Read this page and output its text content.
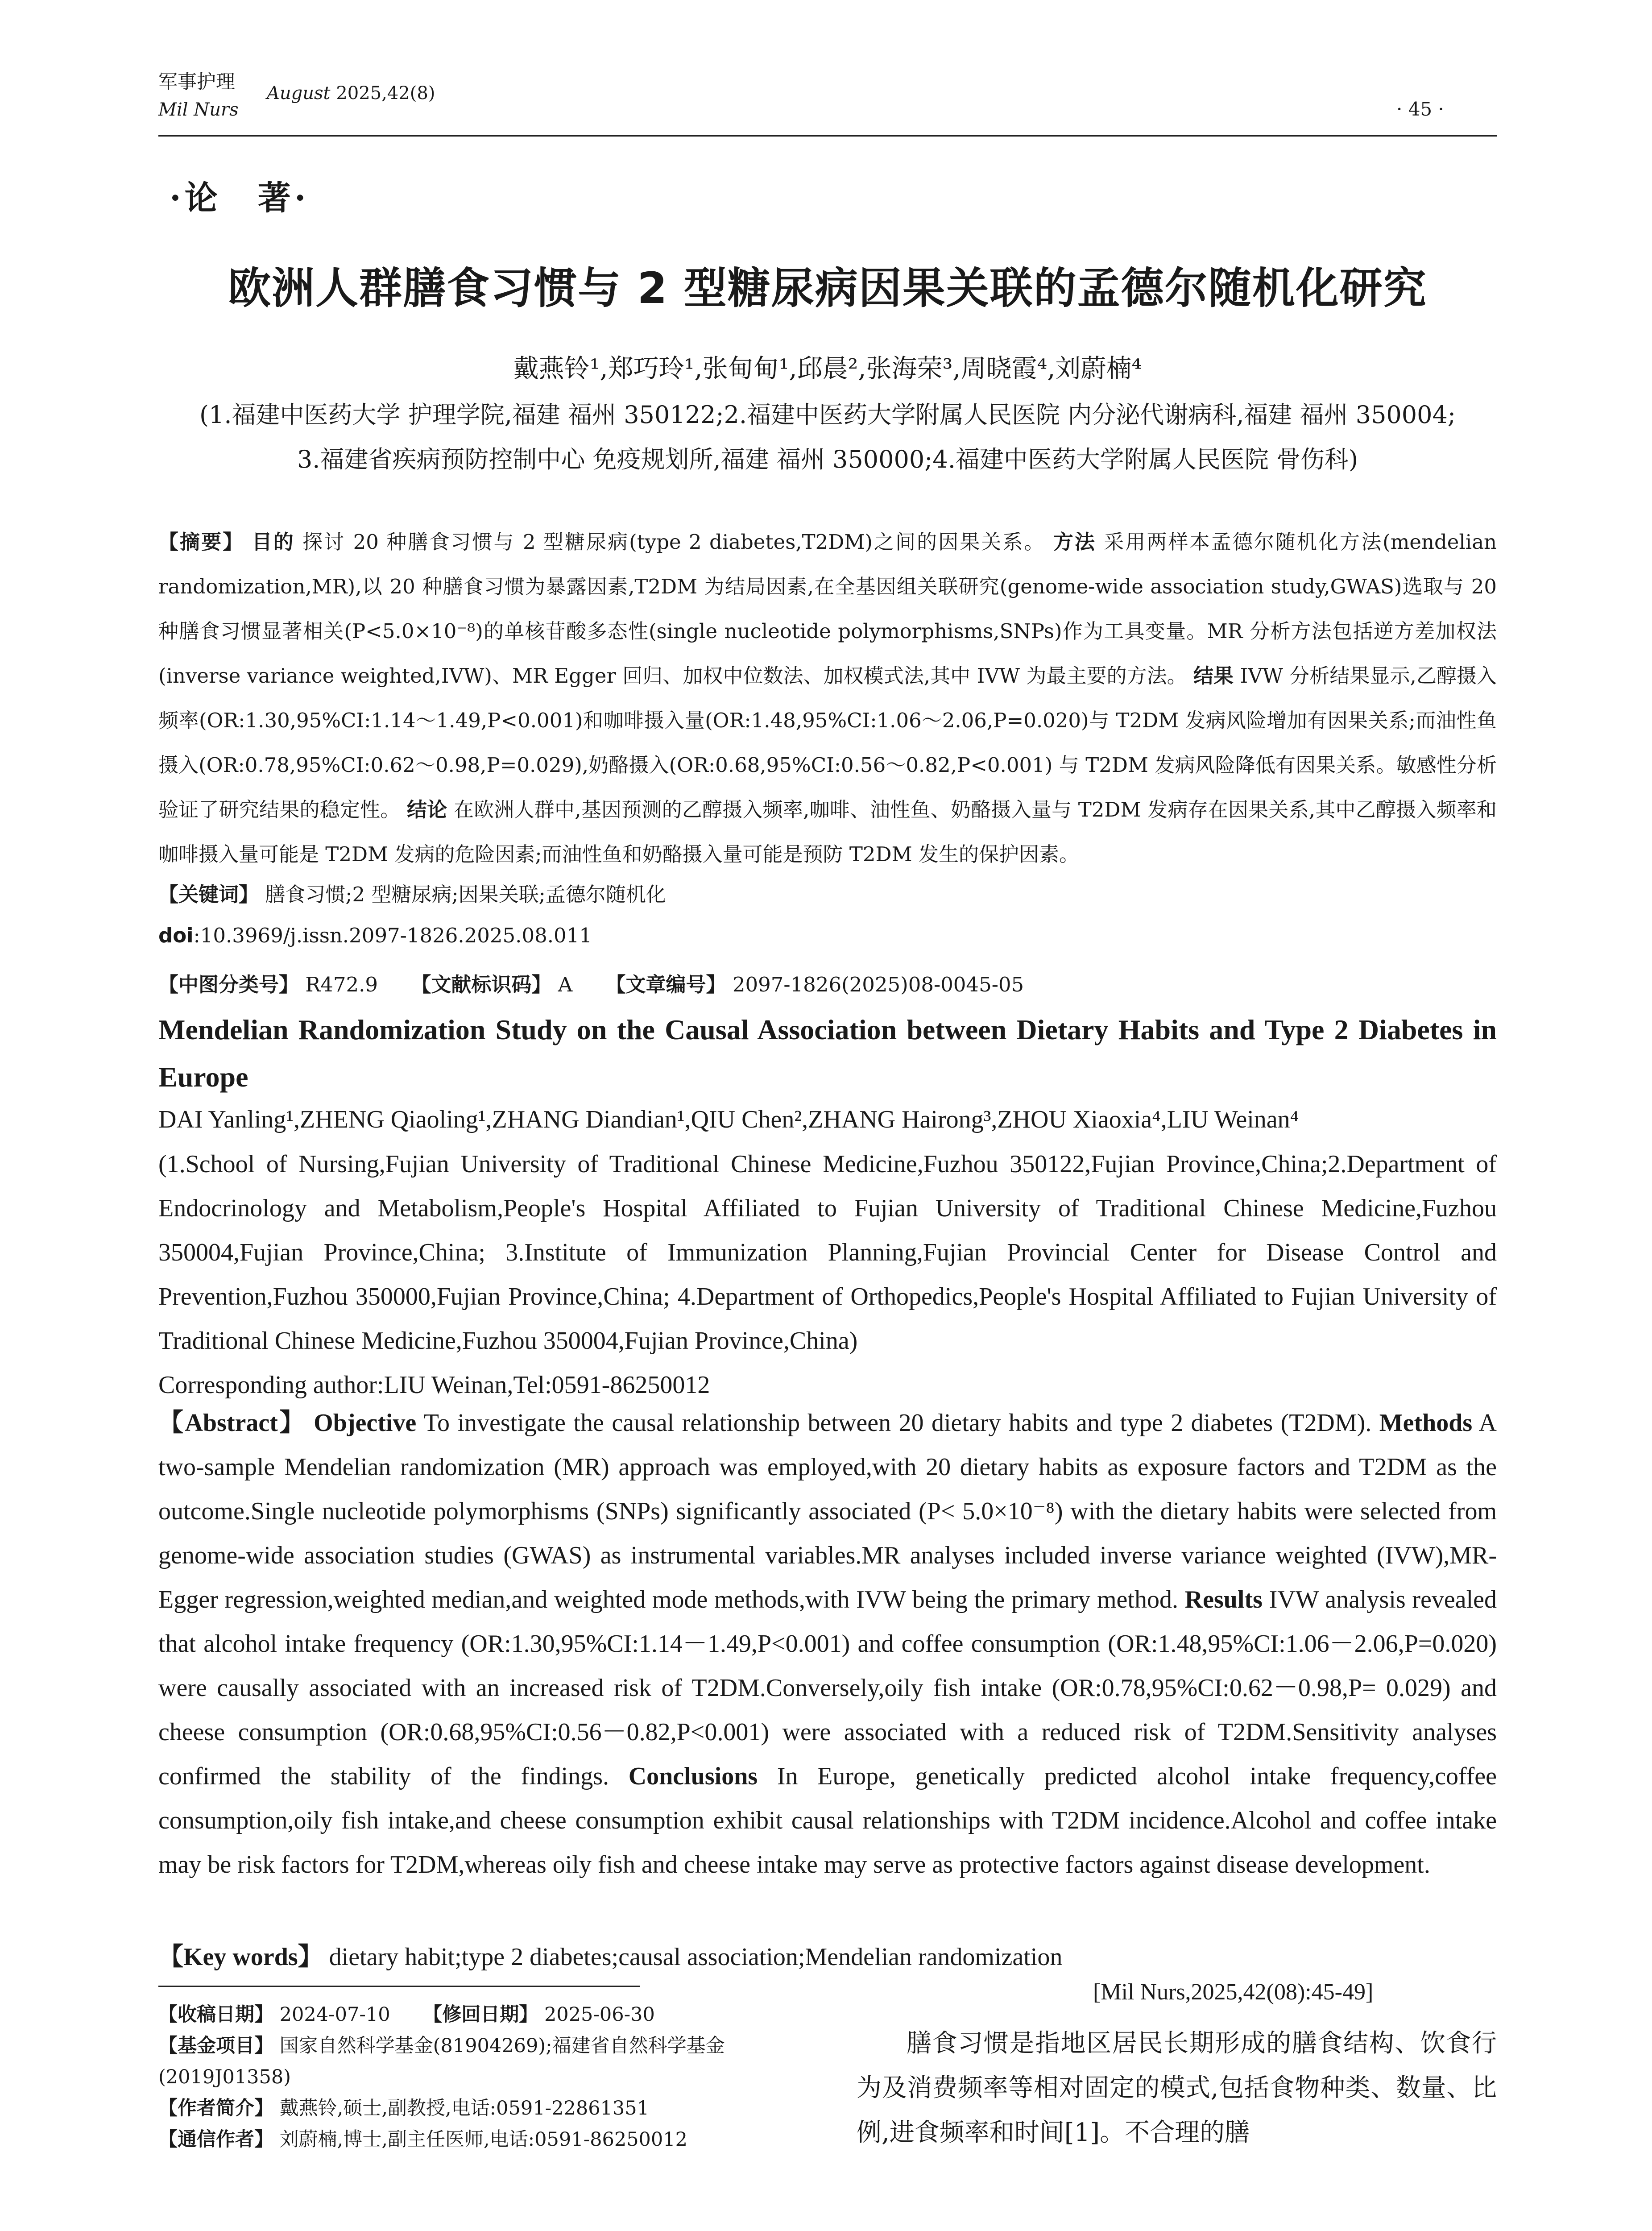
军事护理
Mil Nurs
August 2025,42(8)
· 45 ·
·论　著·
欧洲人群膳食习惯与 2 型糖尿病因果关联的孟德尔随机化研究
戴燕铃¹,郑巧玲¹,张甸甸¹,邱晨²,张海荣³,周晓霞⁴,刘蔚楠⁴
(1.福建中医药大学 护理学院,福建 福州 350122;2.福建中医药大学附属人民医院 内分泌代谢病科,福建 福州 350004;
3.福建省疾病预防控制中心 免疫规划所,福建 福州 350000;4.福建中医药大学附属人民医院 骨伤科)
【摘要】 目的 探讨 20 种膳食习惯与 2 型糖尿病(type 2 diabetes,T2DM)之间的因果关系。 方法 采用两样本孟德尔随机化方法(mendelian randomization,MR),以 20 种膳食习惯为暴露因素,T2DM 为结局因素,在全基因组关联研究(genome-wide association study,GWAS)选取与 20 种膳食习惯显著相关(P<5.0×10⁻⁸)的单核苷酸多态性(single nucleotide polymorphisms,SNPs)作为工具变量。MR 分析方法包括逆方差加权法(inverse variance weighted,IVW)、MR Egger 回归、加权中位数法、加权模式法,其中 IVW 为最主要的方法。 结果 IVW 分析结果显示,乙醇摄入频率(OR:1.30,95%CI:1.14～1.49,P<0.001)和咖啡摄入量(OR:1.48,95%CI:1.06～2.06,P=0.020)与 T2DM 发病风险增加有因果关系;而油性鱼摄入(OR:0.78,95%CI:0.62～0.98,P=0.029),奶酪摄入(OR:0.68,95%CI:0.56～0.82,P<0.001) 与 T2DM 发病风险降低有因果关系。敏感性分析验证了研究结果的稳定性。 结论 在欧洲人群中,基因预测的乙醇摄入频率,咖啡、油性鱼、奶酪摄入量与 T2DM 发病存在因果关系,其中乙醇摄入频率和咖啡摄入量可能是 T2DM 发病的危险因素;而油性鱼和奶酪摄入量可能是预防 T2DM 发生的保护因素。
【关键词】 膳食习惯;2 型糖尿病;因果关联;孟德尔随机化
doi:10.3969/j.issn.2097-1826.2025.08.011
【中图分类号】 R472.9 【文献标识码】 A 【文章编号】 2097-1826(2025)08-0045-05
Mendelian Randomization Study on the Causal Association between Dietary Habits and Type 2 Diabetes in Europe
DAI Yanling¹,ZHENG Qiaoling¹,ZHANG Diandian¹,QIU Chen²,ZHANG Hairong³,ZHOU Xiaoxia⁴,LIU Weinan⁴
(1.School of Nursing,Fujian University of Traditional Chinese Medicine,Fuzhou 350122,Fujian Province,China;2.Department of Endocrinology and Metabolism,People's Hospital Affiliated to Fujian University of Traditional Chinese Medicine,Fuzhou 350004,Fujian Province,China; 3.Institute of Immunization Planning,Fujian Provincial Center for Disease Control and Prevention,Fuzhou 350000,Fujian Province,China; 4.Department of Orthopedics,People's Hospital Affiliated to Fujian University of Traditional Chinese Medicine,Fuzhou 350004,Fujian Province,China)
Corresponding author:LIU Weinan,Tel:0591-86250012
【Abstract】 Objective To investigate the causal relationship between 20 dietary habits and type 2 diabetes (T2DM). Methods A two-sample Mendelian randomization (MR) approach was employed,with 20 dietary habits as exposure factors and T2DM as the outcome.Single nucleotide polymorphisms (SNPs) significantly associated (P< 5.0×10⁻⁸) with the dietary habits were selected from genome-wide association studies (GWAS) as instrumental variables.MR analyses included inverse variance weighted (IVW),MR-Egger regression,weighted median,and weighted mode methods,with IVW being the primary method. Results IVW analysis revealed that alcohol intake frequency (OR:1.30,95%CI:1.14－1.49,P<0.001) and coffee consumption (OR:1.48,95%CI:1.06－2.06,P=0.020) were causally associated with an increased risk of T2DM.Conversely,oily fish intake (OR:0.78,95%CI:0.62－0.98,P= 0.029) and cheese consumption (OR:0.68,95%CI:0.56－0.82,P<0.001) were associated with a reduced risk of T2DM.Sensitivity analyses confirmed the stability of the findings. Conclusions In Europe, genetically predicted alcohol intake frequency,coffee consumption,oily fish intake,and cheese consumption exhibit causal relationships with T2DM incidence.Alcohol and coffee intake may be risk factors for T2DM,whereas oily fish and cheese intake may serve as protective factors against disease development.
【Key words】 dietary habit;type 2 diabetes;causal association;Mendelian randomization
[Mil Nurs,2025,42(08):45-49]
【收稿日期】 2024-07-10 【修回日期】 2025-06-30
【基金项目】 国家自然科学基金(81904269);福建省自然科学基金(2019J01358)
【作者简介】 戴燕铃,硕士,副教授,电话:0591-22861351
【通信作者】 刘蔚楠,博士,副主任医师,电话:0591-86250012
膳食习惯是指地区居民长期形成的膳食结构、饮食行为及消费频率等相对固定的模式,包括食物种类、数量、比例,进食频率和时间[1]。不合理的膳
